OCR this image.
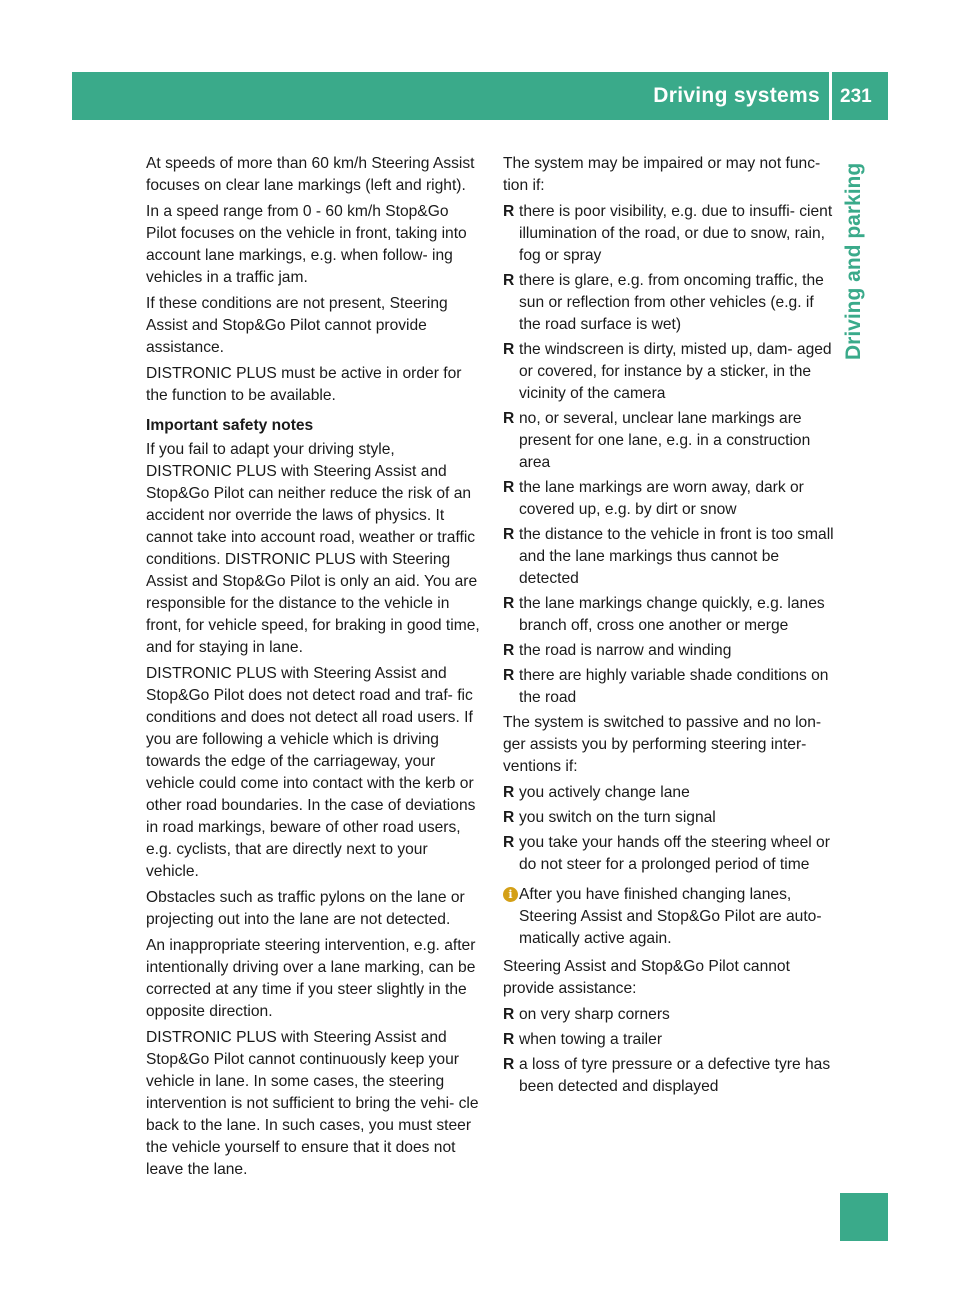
Driving systems 231
Driving and parking

At speeds of more than 60 km/h Steering Assist focuses on clear lane markings (left and right).

In a speed range from 0 - 60 km/h Stop&Go Pilot focuses on the vehicle in front, taking into account lane markings, e.g. when follow- ing vehicles in a traffic jam.

If these conditions are not present, Steering Assist and Stop&Go Pilot cannot provide assistance.

DISTRONIC PLUS must be active in order for the function to be available.

Important safety notes

If you fail to adapt your driving style, DISTRONIC PLUS with Steering Assist and Stop&Go Pilot can neither reduce the risk of an accident nor override the laws of physics. It cannot take into account road, weather or traffic conditions. DISTRONIC PLUS with Steering Assist and Stop&Go Pilot is only an aid. You are responsible for the distance to the vehicle in front, for vehicle speed, for braking in good time, and for staying in lane.

DISTRONIC PLUS with Steering Assist and Stop&Go Pilot does not detect road and traf- fic conditions and does not detect all road users. If you are following a vehicle which is driving towards the edge of the carriageway, your vehicle could come into contact with the kerb or other road boundaries. In the case of deviations in road markings, beware of other road users, e.g. cyclists, that are directly next to your vehicle.

Obstacles such as traffic pylons on the lane or projecting out into the lane are not detected.

An inappropriate steering intervention, e.g. after intentionally driving over a lane marking, can be corrected at any time if you steer slightly in the opposite direction.

DISTRONIC PLUS with Steering Assist and Stop&Go Pilot cannot continuously keep your vehicle in lane. In some cases, the steering intervention is not sufficient to bring the vehi- cle back to the lane. In such cases, you must steer the vehicle yourself to ensure that it does not leave the lane.

The system may be impaired or may not func- tion if:

R there is poor visibility, e.g. due to insuffi- cient illumination of the road, or due to snow, rain, fog or spray
R there is glare, e.g. from oncoming traffic, the sun or reflection from other vehicles (e.g. if the road surface is wet)
R the windscreen is dirty, misted up, dam- aged or covered, for instance by a sticker, in the vicinity of the camera
R no, or several, unclear lane markings are present for one lane, e.g. in a construction area
R the lane markings are worn away, dark or covered up, e.g. by dirt or snow
R the distance to the vehicle in front is too small and the lane markings thus cannot be detected
R the lane markings change quickly, e.g. lanes branch off, cross one another or merge
R the road is narrow and winding
R there are highly variable shade conditions on the road

The system is switched to passive and no lon- ger assists you by performing steering inter- ventions if:

R you actively change lane
R you switch on the turn signal
R you take your hands off the steering wheel or do not steer for a prolonged period of time
i After you have finished changing lanes, Steering Assist and Stop&Go Pilot are auto- matically active again.

Steering Assist and Stop&Go Pilot cannot provide assistance:

R on very sharp corners
R when towing a trailer
R a loss of tyre pressure or a defective tyre has been detected and displayed
